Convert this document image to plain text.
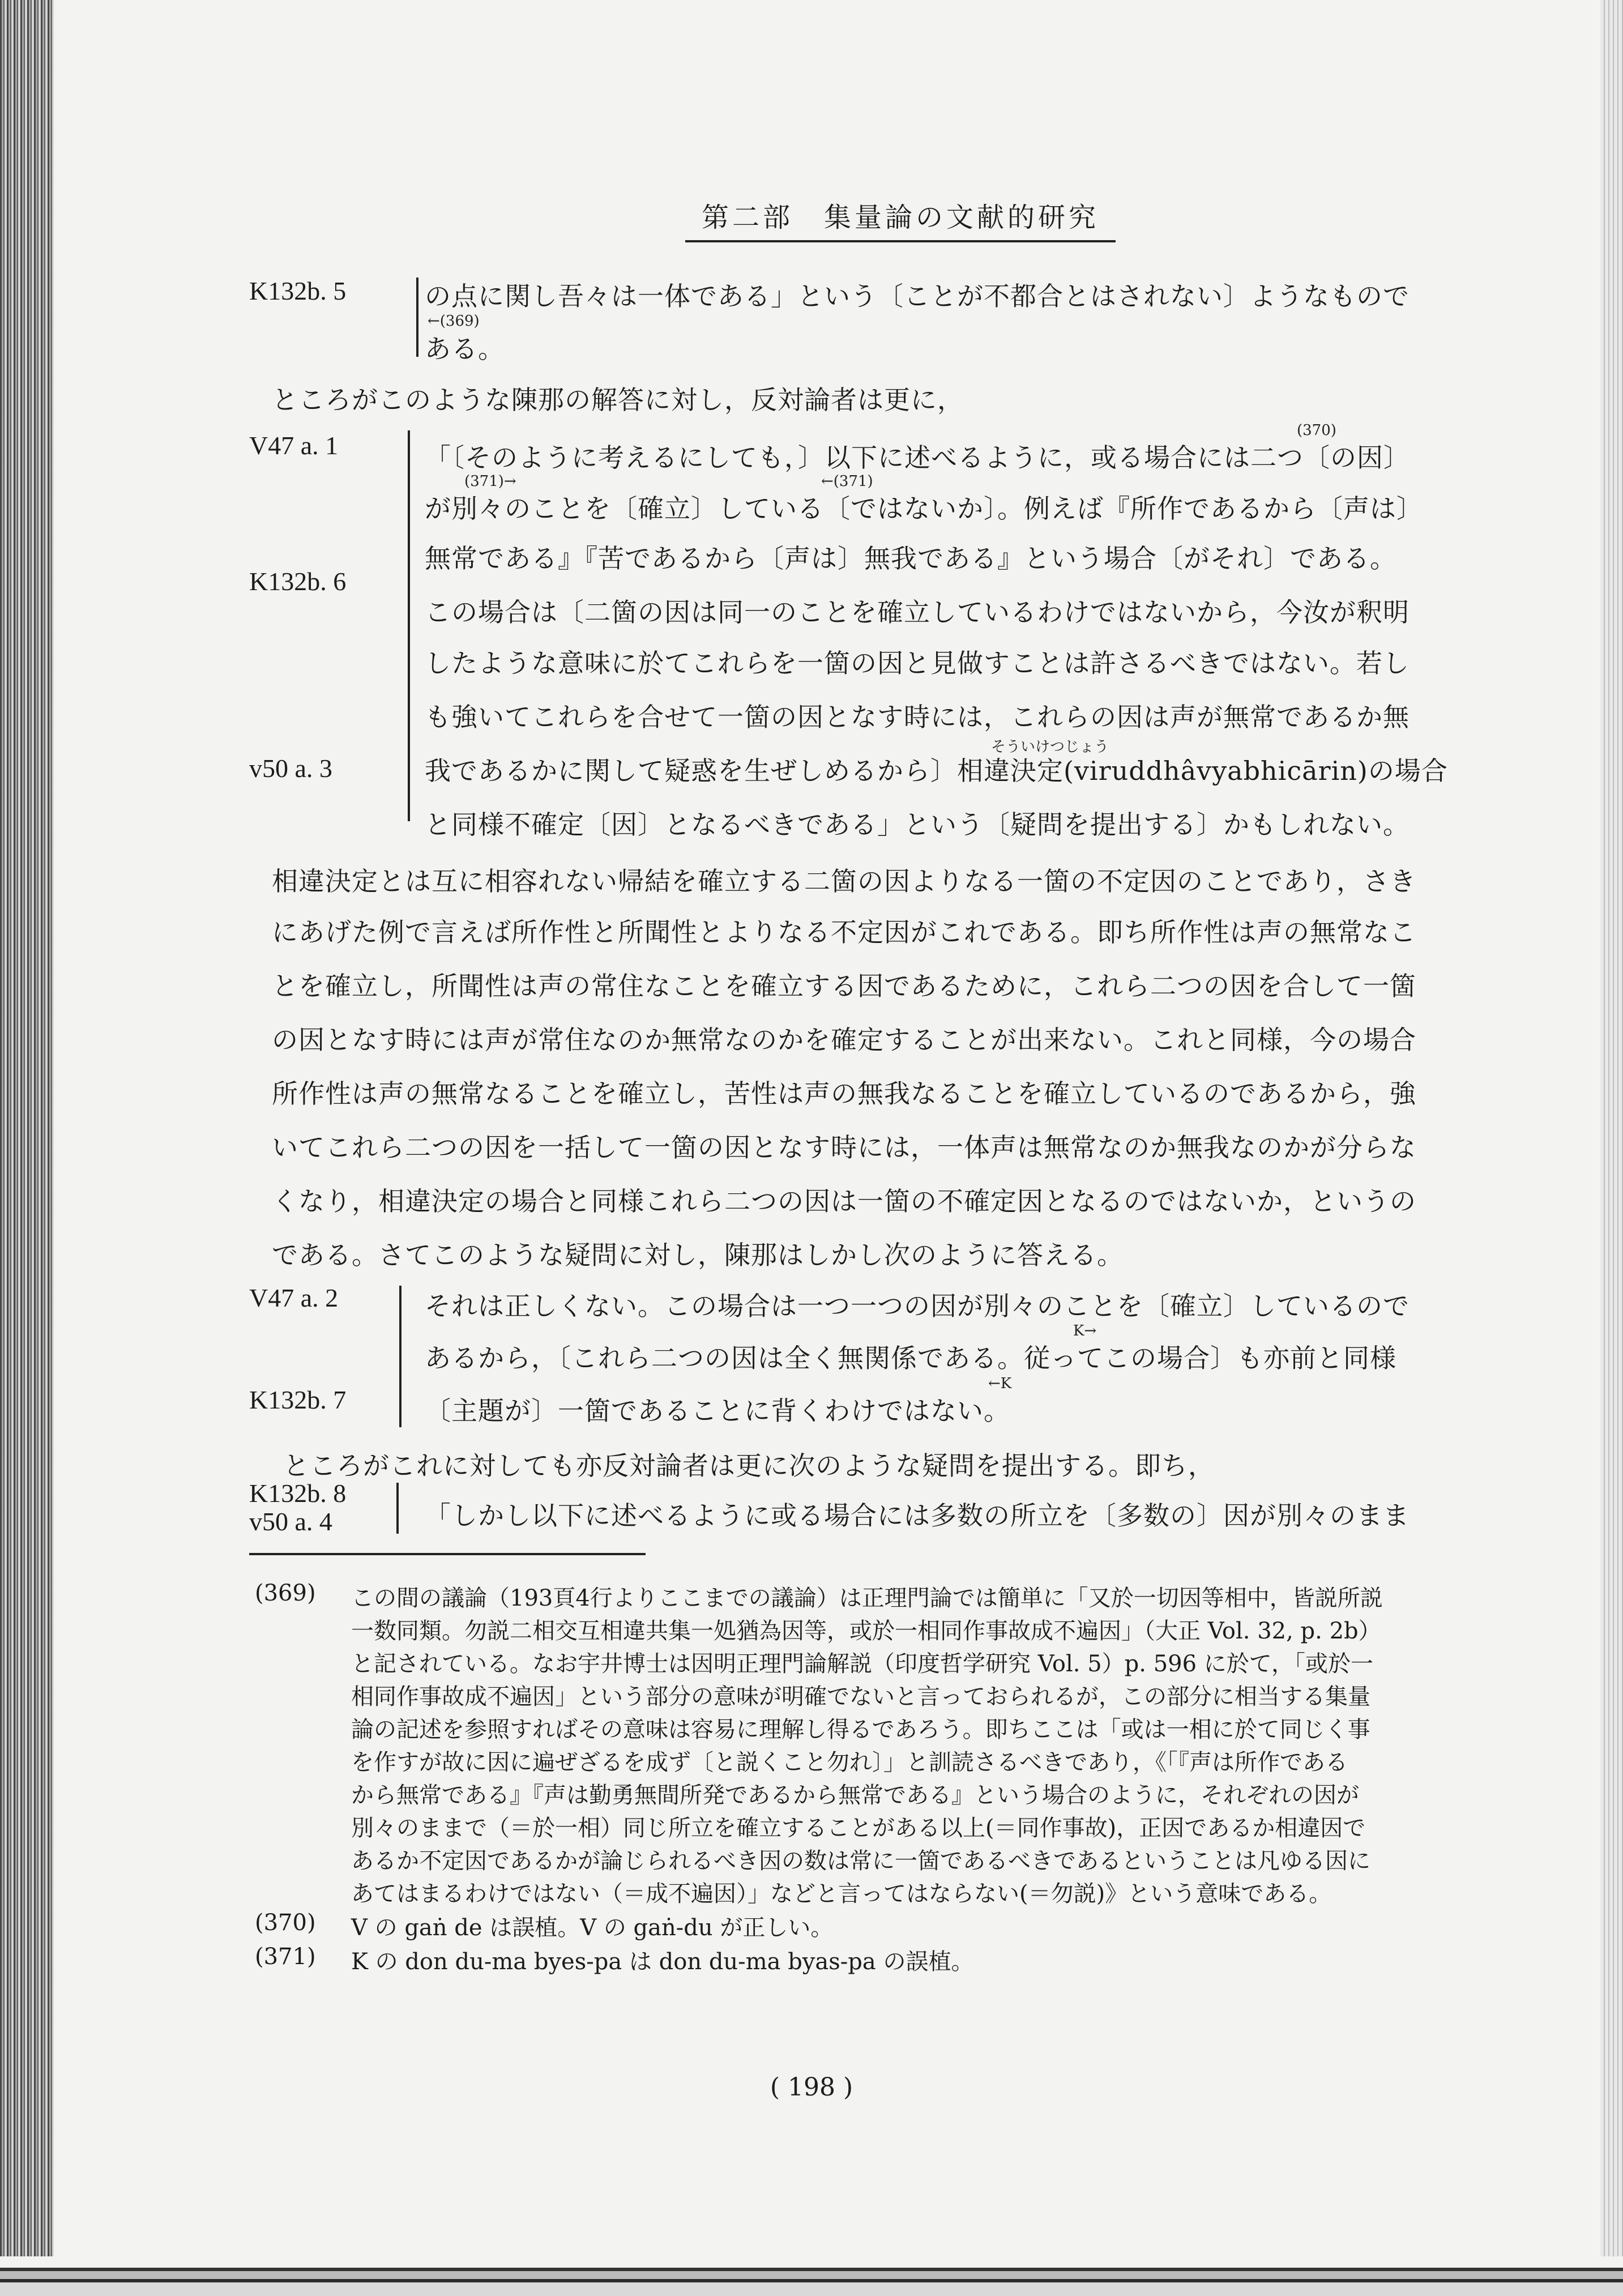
第二部　集量論の文献的研究
K132b. 5	の点に関し吾々は一体である」という〔ことが不都合とはされない〕ようなもので
←(369)
ある。
ところがこのような陳那の解答に対し，反対論者は更に，
V47 a. 1
K132b. 6
v50 a. 3
(370)
「〔そのように考えるにしても，〕以下に述べるように，或る場合には二つ〔の因〕
(371)→	←(371)
が別々のことを〔確立〕している〔ではないか〕。例えば『所作であるから〔声は〕
無常である』『苦であるから〔声は〕無我である』という場合〔がそれ〕である。
この場合は〔二箇の因は同一のことを確立しているわけではないから，今汝が釈明
したような意味に於てこれらを一箇の因と見做すことは許さるべきではない。若し
も強いてこれらを合せて一箇の因となす時には，これらの因は声が無常であるか無
そういけつじょう
我であるかに関して疑惑を生ぜしめるから〕相違決定(viruddhâvyabhicārin)の場合
と同様不確定〔因〕となるべきである」という〔疑問を提出する〕かもしれない。
相違決定とは互に相容れない帰結を確立する二箇の因よりなる一箇の不定因のことであり，さき
にあげた例で言えば所作性と所聞性とよりなる不定因がこれである。即ち所作性は声の無常なこ
とを確立し，所聞性は声の常住なことを確立する因であるために，これら二つの因を合して一箇
の因となす時には声が常住なのか無常なのかを確定することが出来ない。これと同様，今の場合
所作性は声の無常なることを確立し，苦性は声の無我なることを確立しているのであるから，強
いてこれら二つの因を一括して一箇の因となす時には，一体声は無常なのか無我なのかが分らな
くなり，相違決定の場合と同様これら二つの因は一箇の不確定因となるのではないか，というの
である。さてこのような疑問に対し，陳那はしかし次のように答える。
V47 a. 2
K132b. 7
それは正しくない。この場合は一つ一つの因が別々のことを〔確立〕しているので
K→
あるから，〔これら二つの因は全く無関係である。従ってこの場合〕も亦前と同様
←K
〔主題が〕一箇であることに背くわけではない。
ところがこれに対しても亦反対論者は更に次のような疑問を提出する。即ち，
K132b. 8
v50 a. 4	「しかし以下に述べるように或る場合には多数の所立を〔多数の〕因が別々のまま
(369) この間の議論（193頁4行よりここまでの議論）は正理門論では簡単に「又於一切因等相中，皆説所説
一数同類。勿説二相交互相違共集一処猶為因等，或於一相同作事故成不遍因」（大正 Vol. 32, p. 2b）
と記されている。なお宇井博士は因明正理門論解説（印度哲学研究 Vol. 5）p. 596 に於て，「或於一
相同作事故成不遍因」という部分の意味が明確でないと言っておられるが，この部分に相当する集量
論の記述を参照すればその意味は容易に理解し得るであろう。即ちここは「或は一相に於て同じく事
を作すが故に因に遍ぜざるを成ず〔と説くこと勿れ〕」と訓読さるべきであり，《「『声は所作である
から無常である』『声は勤勇無間所発であるから無常である』という場合のように，それぞれの因が
別々のままで（＝於一相）同じ所立を確立することがある以上(＝同作事故)，正因であるか相違因で
あるか不定因であるかが論じられるべき因の数は常に一箇であるべきであるということは凡ゆる因に
あてはまるわけではない（＝成不遍因）」などと言ってはならない(＝勿説)》という意味である。
(370) V の gaṅ de は誤植。V の gaṅ-du が正しい。
(371) K の don du-ma byes-pa は don du-ma byas-pa の誤植。
( 198 )
